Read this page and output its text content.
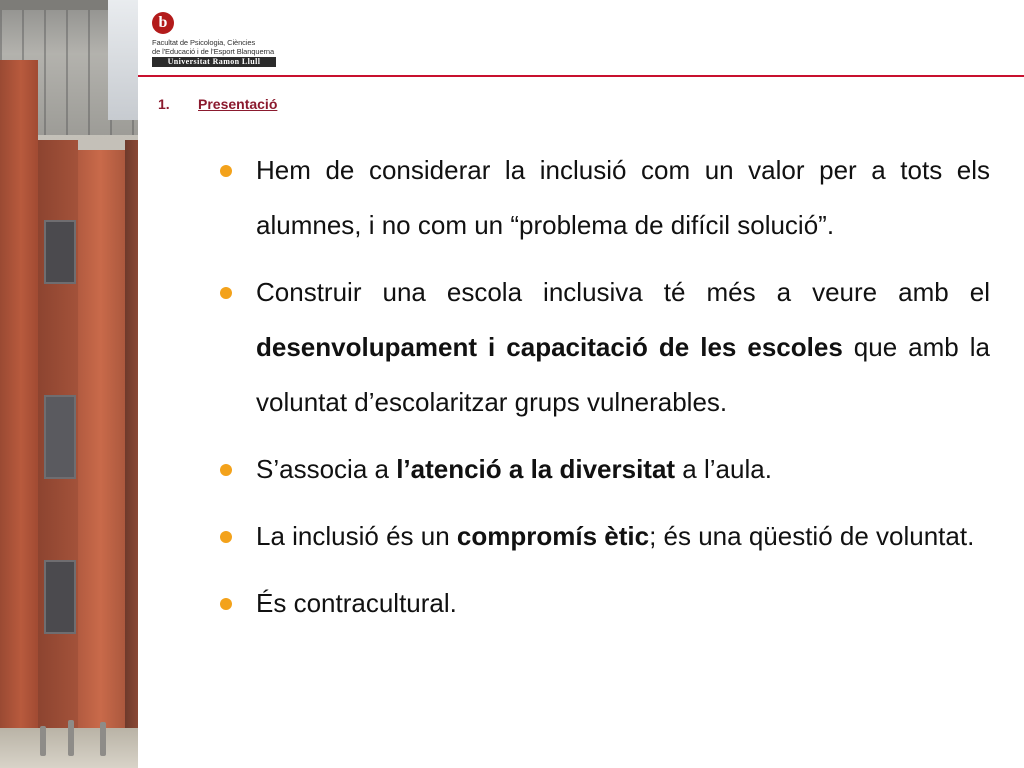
b
Facultat de Psicologia, Ciències
de l'Educació i de l'Esport Blanquerna
Universitat Ramon Llull
1. Presentació
Hem de considerar la inclusió com un valor per a tots els alumnes, i no com un “problema de difícil solució”.
Construir una escola inclusiva té més a veure amb el desenvolupament i capacitació de les escoles que amb la voluntat d’escolaritzar grups vulnerables.
S’associa a l’atenció a la diversitat a l’aula.
La inclusió és un compromís ètic; és una qüestió de voluntat.
És contracultural.
